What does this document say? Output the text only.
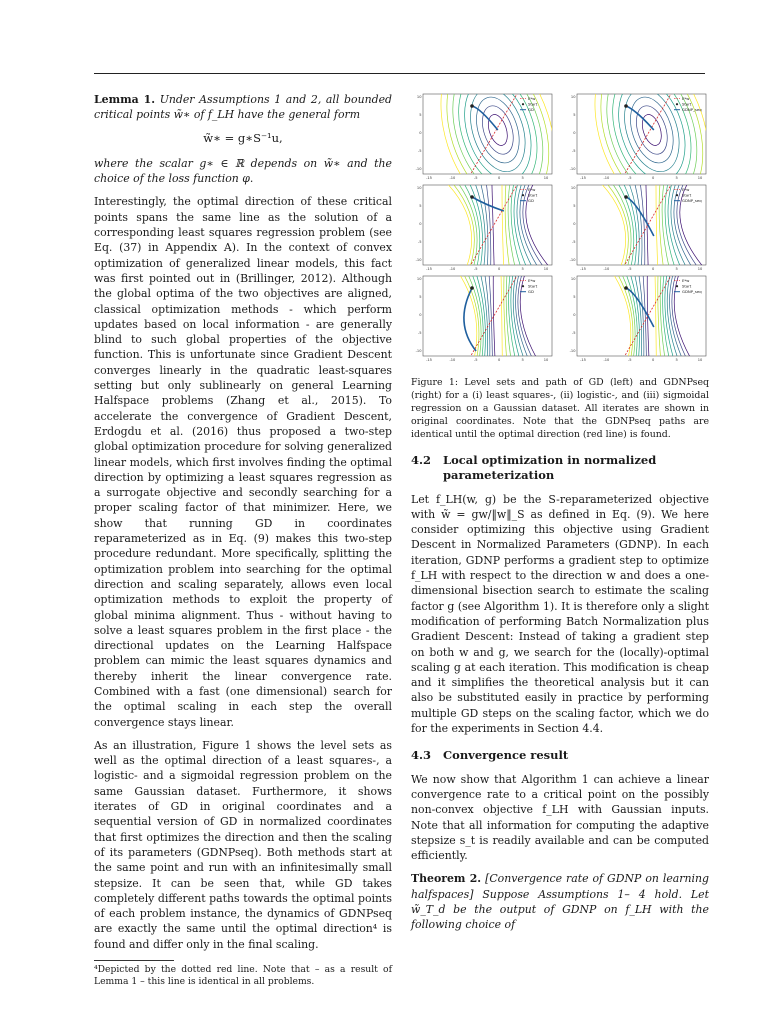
Lemma 1. Under Assumptions 1 and 2, all bounded critical points w̃∗ of f_LH have the general form

w̃∗ = g∗S⁻¹u,

where the scalar g∗ ∈ ℝ depends on w̃∗ and the choice of the loss function φ.

Interestingly, the optimal direction of these critical points spans the same line as the solution of a corresponding least squares regression problem (see Eq. (37) in Appendix A). In the context of convex optimization of generalized linear models, this fact was first pointed out in (Brillinger, 2012). Although the global optima of the two objectives are aligned, classical optimization methods - which perform updates based on local information - are generally blind to such global properties of the objective function. This is unfortunate since Gradient Descent converges linearly in the quadratic least-squares setting but only sublinearly on general Learning Halfspace problems (Zhang et al., 2015). To accelerate the convergence of Gradient Descent, Erdogdu et al. (2016) thus proposed a two-step global optimization procedure for solving generalized linear models, which first involves finding the optimal direction by optimizing a least squares regression as a surrogate objective and secondly searching for a proper scaling factor of that minimizer. Here, we show that running GD in coordinates reparameterized as in Eq. (9) makes this two-step procedure redundant. More specifically, splitting the optimization problem into searching for the optimal direction and scaling separately, allows even local optimization methods to exploit the property of global minima alignment. Thus - without having to solve a least squares problem in the first place - the directional updates on the Learning Halfspace problem can mimic the least squares dynamics and thereby inherit the linear convergence rate. Combined with a fast (one dimensional) search for the optimal scaling in each step the overall convergence stays linear.

As an illustration, Figure 1 shows the level sets as well as the optimal direction of a least squares-, a logistic- and a sigmoidal regression problem on the same Gaussian dataset. Furthermore, it shows iterates of GD in original coordinates and a sequential version of GD in normalized coordinates that first optimizes the direction and then the scaling of its parameters (GDNPseq). Both methods start at the same point and run with an infinitesimally small stepsize. It can be seen that, while GD takes completely different paths towards the optimal points of each problem instance, the dynamics of GDNPseq are exactly the same until the optimal direction⁴ is found and differ only in the final scaling.

⁴Depicted by the dotted red line. Note that – as a result of Lemma 1 – this line is identical in all problems.
E*w
Start
GD
-15	-10	-5	0	5	10
10
5
0
-5
-10
E*w
Start
GDNP_seq
-15	-10	-5	0	5	10
10
5
0
-5
-10
E*w
Start
GD
-15	-10	-5	0	5	10
10
5
0
-5
-10
E*w
Start
GDNP_seq
-15	-10	-5	0	5	10
10
5
0
-5
-10
E*w
Start
GD
-15	-10	-5	0	5	10
10
5
0
-5
-10
E*w
Start
GDNP_seq
-15	-10	-5	0	5	10
10
5
0
-5
-10
Figure 1: Level sets and path of GD (left) and GDNPseq (right) for a (i) least squares-, (ii) logistic-, and (iii) sigmoidal regression on a Gaussian dataset. All iterates are shown in original coordinates. Note that the GDNPseq paths are identical until the optimal direction (red line) is found.
4.2	Local optimization in normalized parameterization

Let f_LH(w, g) be the S-reparameterized objective with w̃ = gw/‖w‖_S as defined in Eq. (9). We here consider optimizing this objective using Gradient Descent in Normalized Parameters (GDNP). In each iteration, GDNP performs a gradient step to optimize f_LH with respect to the direction w and does a one-dimensional bisection search to estimate the scaling factor g (see Algorithm 1). It is therefore only a slight modification of performing Batch Normalization plus Gradient Descent: Instead of taking a gradient step on both w and g, we search for the (locally)-optimal scaling g at each iteration. This modification is cheap and it simplifies the theoretical analysis but it can also be substituted easily in practice by performing multiple GD steps on the scaling factor, which we do for the experiments in Section 4.4.

4.3	Convergence result

We now show that Algorithm 1 can achieve a linear convergence rate to a critical point on the possibly non-convex objective f_LH with Gaussian inputs. Note that all information for computing the adaptive stepsize s_t is readily available and can be computed efficiently.

Theorem 2. [Convergence rate of GDNP on learning halfspaces] Suppose Assumptions 1– 4 hold. Let w̃_T_d be the output of GDNP on f_LH with the following choice of
